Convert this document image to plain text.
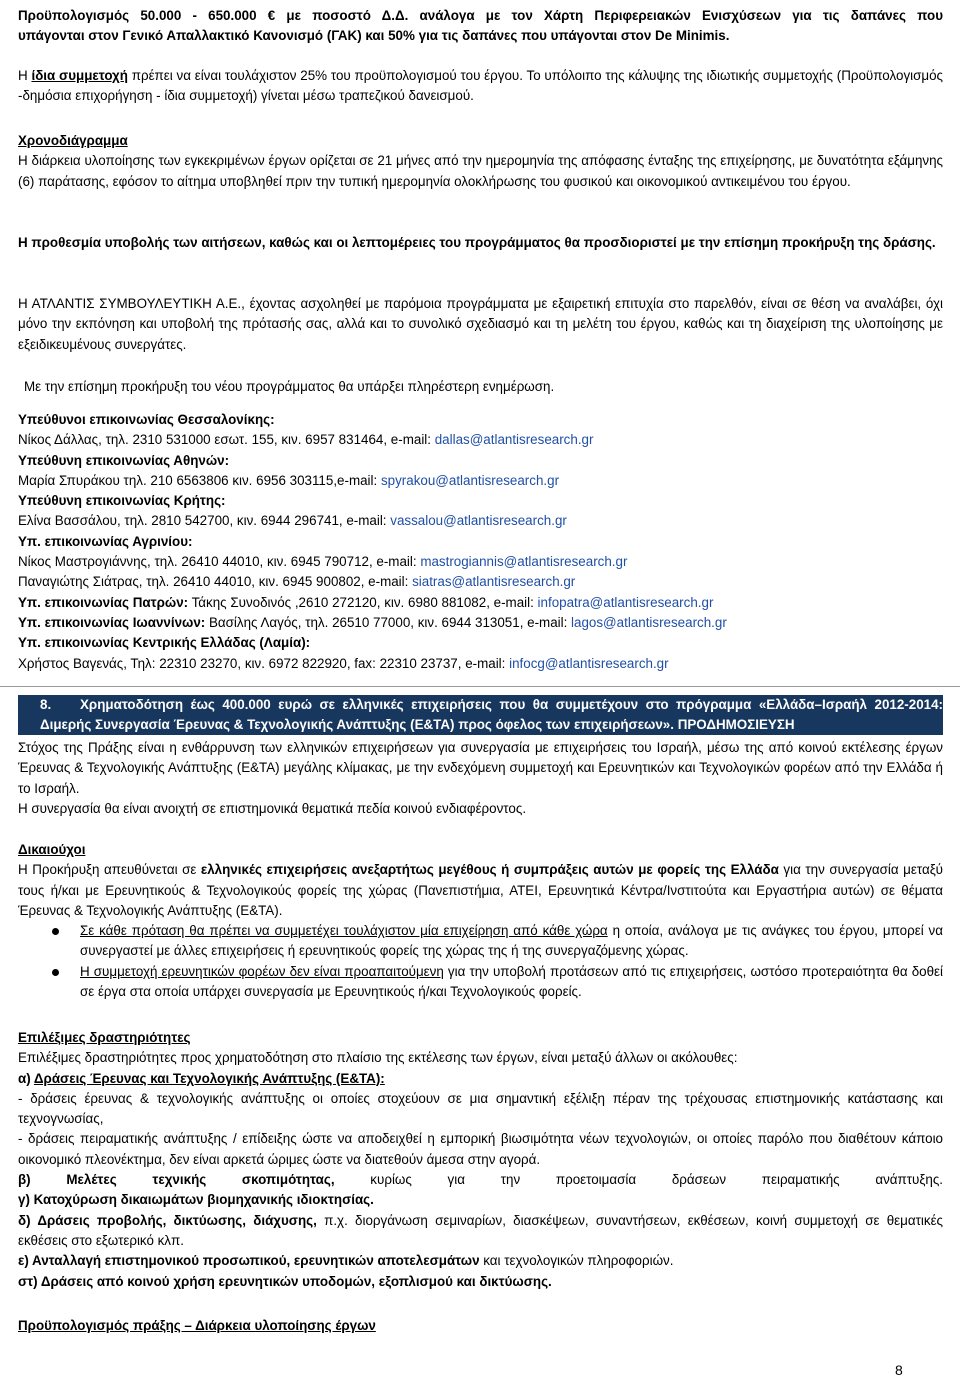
Προϋπολογισμός 50.000 - 650.000 € με ποσοστό Δ.Δ. ανάλογα με τον Χάρτη Περιφερειακών Ενισχύσεων για τις δαπάνες που
υπάγονται στον Γενικό Απαλλακτικό Κανονισμό (ΓΑΚ) και 50% για τις δαπάνες που υπάγονται στον De Minimis.
Η ίδια συμμετοχή πρέπει να είναι τουλάχιστον 25% του προϋπολογισμού του έργου. Το υπόλοιπο της κάλυψης της ιδιωτικής συμμετοχής (Προϋπολογισμός -δημόσια επιχορήγηση - ίδια συμμετοχή) γίνεται μέσω τραπεζικού δανεισμού.
Χρονοδιάγραμμα
Η διάρκεια υλοποίησης των εγκεκριμένων έργων ορίζεται σε 21 μήνες από την ημερομηνία της απόφασης ένταξης της επιχείρησης, με δυνατότητα εξάμηνης (6) παράτασης, εφόσον το αίτημα υποβληθεί πριν την τυπική ημερομηνία ολοκλήρωσης του φυσικού και οικονομικού αντικειμένου του έργου.
Η προθεσμία υποβολής των αιτήσεων, καθώς και οι λεπτομέρειες του προγράμματος θα προσδιοριστεί με την επίσημη προκήρυξη της δράσης.
Η ΑΤΛΑΝΤΙΣ ΣΥΜΒΟΥΛΕΥΤΙΚΗ Α.Ε., έχοντας ασχοληθεί με παρόμοια προγράμματα με εξαιρετική επιτυχία στο παρελθόν, είναι σε θέση να αναλάβει, όχι μόνο την εκπόνηση και υποβολή της πρότασής σας, αλλά και το συνολικό σχεδιασμό και τη μελέτη του έργου, καθώς και τη διαχείριση της υλοποίησης με εξειδικευμένους συνεργάτες.
Με την επίσημη προκήρυξη του νέου προγράμματος θα υπάρξει πληρέστερη ενημέρωση.
Υπεύθυνοι επικοινωνίας Θεσσαλονίκης:
Νίκος Δάλλας, τηλ. 2310 531000 εσωτ. 155, κιν. 6957 831464, e-mail: dallas@atlantisresearch.gr
Υπεύθυνη επικοινωνίας Αθηνών:
Μαρία Σπυράκου τηλ. 210 6563806 κιν. 6956 303115,e-mail: spyrakou@atlantisresearch.gr
Υπεύθυνη επικοινωνίας Κρήτης:
Ελίνα Βασσάλου, τηλ. 2810 542700, κιν. 6944 296741, e-mail: vassalou@atlantisresearch.gr
Υπ. επικοινωνίας Αγρινίου:
Νίκος Μαστρογιάννης, τηλ. 26410 44010, κιν. 6945 790712, e-mail: mastrogiannis@atlantisresearch.gr
Παναγιώτης Σιάτρας, τηλ. 26410 44010, κιν. 6945 900802, e-mail: siatras@atlantisresearch.gr
Υπ. επικοινωνίας Πατρών: Τάκης Συνοδινός ,2610 272120, κιν. 6980 881082, e-mail: infopatra@atlantisresearch.gr
Υπ. επικοινωνίας Ιωαννίνων: Βασίλης Λαγός, τηλ. 26510 77000, κιν. 6944 313051, e-mail: lagos@atlantisresearch.gr
Υπ. επικοινωνίας Κεντρικής Ελλάδας (Λαμία):
Χρήστος Βαγενάς, Τηλ: 22310 23270, κιν. 6972 822920, fax: 22310 23737, e-mail: infocg@atlantisresearch.gr
8. Χρηματοδότηση έως 400.000 ευρώ σε ελληνικές επιχειρήσεις που θα συμμετέχουν στο πρόγραμμα «Ελλάδα–Ισραήλ 2012-2014:
Διμερής Συνεργασία Έρευνας & Τεχνολογικής Ανάπτυξης (Ε&ΤΑ) προς όφελος των επιχειρήσεων». ΠΡΟΔΗΜΟΣΙΕΥΣΗ
Στόχος της Πράξης είναι η ενθάρρυνση των ελληνικών επιχειρήσεων για συνεργασία με επιχειρήσεις του Ισραήλ, μέσω της από κοινού εκτέλεσης έργων Έρευνας & Τεχνολογικής Ανάπτυξης (Ε&ΤΑ) μεγάλης κλίμακας, με την ενδεχόμενη συμμετοχή και Ερευνητικών και Τεχνολογικών φορέων από την Ελλάδα ή το Ισραήλ.
Η συνεργασία θα είναι ανοιχτή σε επιστημονικά θεματικά πεδία κοινού ενδιαφέροντος.
Δικαιούχοι
Η Προκήρυξη απευθύνεται σε ελληνικές επιχειρήσεις ανεξαρτήτως μεγέθους ή συμπράξεις αυτών με φορείς της Ελλάδα για την συνεργασία μεταξύ τους ή/και με Ερευνητικούς & Τεχνολογικούς φορείς της χώρας (Πανεπιστήμια, ΑΤΕΙ, Ερευνητικά Κέντρα/Ινστιτούτα και Εργαστήρια αυτών) σε θέματα Έρευνας & Τεχνολογικής Ανάπτυξης (Ε&ΤΑ).
Σε κάθε πρόταση θα πρέπει να συμμετέχει τουλάχιστον μία επιχείρηση από κάθε χώρα η οποία, ανάλογα με τις ανάγκες του έργου, μπορεί να συνεργαστεί με άλλες επιχειρήσεις ή ερευνητικούς φορείς της χώρας της ή της συνεργαζόμενης χώρας.
Η συμμετοχή ερευνητικών φορέων δεν είναι προαπαιτούμενη για την υποβολή προτάσεων από τις επιχειρήσεις, ωστόσο προτεραιότητα θα δοθεί σε έργα στα οποία υπάρχει συνεργασία με Ερευνητικούς ή/και Τεχνολογικούς φορείς.
Επιλέξιμες δραστηριότητες
Επιλέξιμες δραστηριότητες προς χρηματοδότηση στο πλαίσιο της εκτέλεσης των έργων, είναι μεταξύ άλλων οι ακόλουθες:
α) Δράσεις Έρευνας και Τεχνολογικής Ανάπτυξης (Ε&ΤΑ):
- δράσεις έρευνας & τεχνολογικής ανάπτυξης οι οποίες στοχεύουν σε μια σημαντική εξέλιξη πέραν της τρέχουσας επιστημονικής κατάστασης και τεχνογνωσίας,
- δράσεις πειραματικής ανάπτυξης / επίδειξης ώστε να αποδειχθεί η εμπορική βιωσιμότητα νέων τεχνολογιών, οι οποίες παρόλο που διαθέτουν κάποιο οικονομικό πλεονέκτημα, δεν είναι αρκετά ώριμες ώστε να διατεθούν άμεσα στην αγορά.
β) Μελέτες τεχνικής σκοπιμότητας, κυρίως για την προετοιμασία δράσεων πειραματικής ανάπτυξης.
γ) Κατοχύρωση δικαιωμάτων βιομηχανικής ιδιοκτησίας.
δ) Δράσεις προβολής, δικτύωσης, διάχυσης, π.χ. διοργάνωση σεμιναρίων, διασκέψεων, συναντήσεων, εκθέσεων, κοινή συμμετοχή σε θεματικές εκθέσεις στο εξωτερικό κλπ.
ε) Ανταλλαγή επιστημονικού προσωπικού, ερευνητικών αποτελεσμάτων και τεχνολογικών πληροφοριών.
στ) Δράσεις από κοινού χρήση ερευνητικών υποδομών, εξοπλισμού και δικτύωσης.
Προϋπολογισμός πράξης – Διάρκεια υλοποίησης έργων
8
